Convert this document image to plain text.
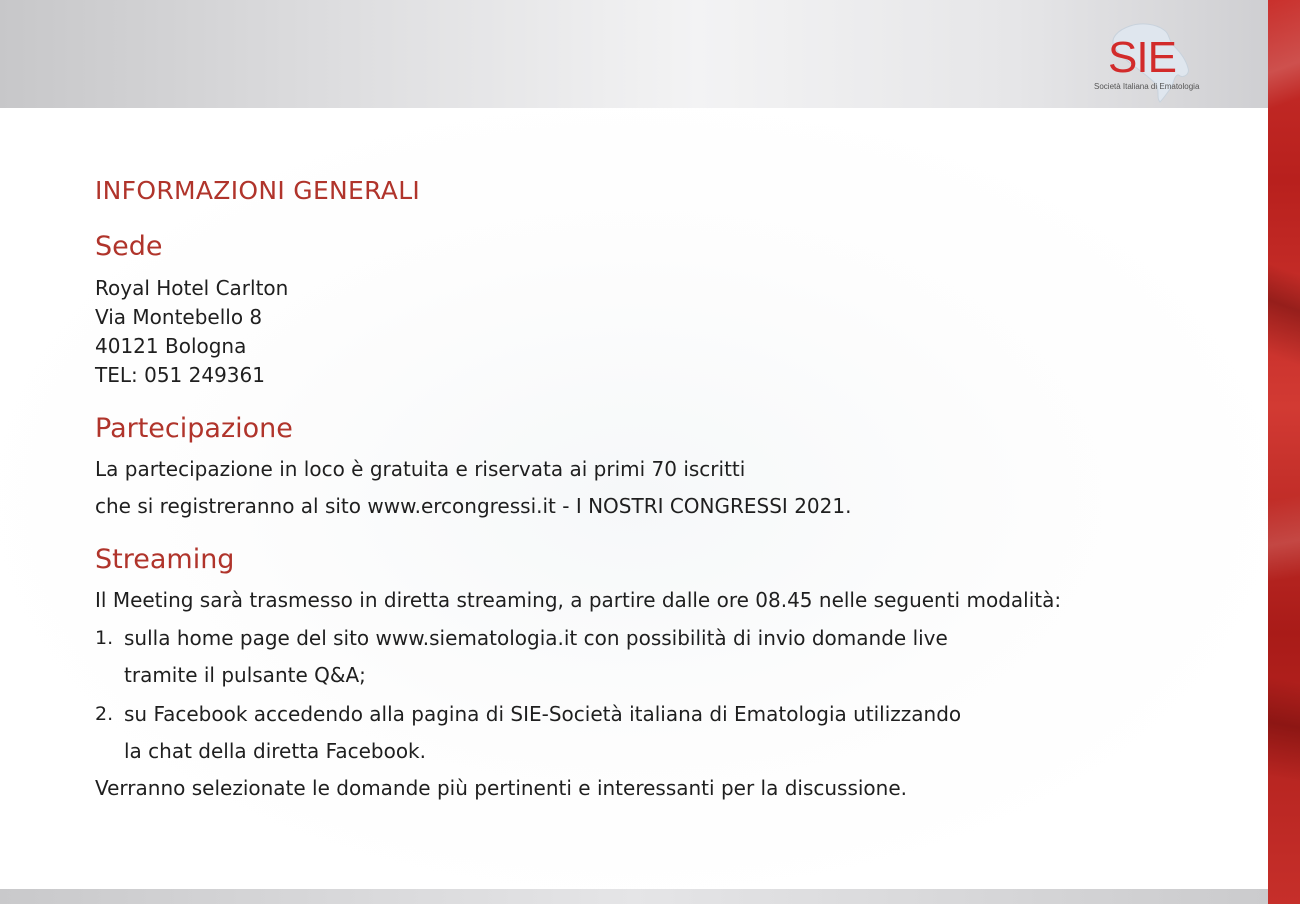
SIE
Società Italiana di Ematologia
INFORMAZIONI GENERALI
Sede
Royal Hotel Carlton
Via Montebello 8
40121 Bologna
TEL: 051 249361
Partecipazione
La partecipazione in loco è gratuita e riservata ai primi 70 iscritti
che si registreranno al sito www.ercongressi.it - I NOSTRI CONGRESSI 2021.
Streaming
Il Meeting sarà trasmesso in diretta streaming, a partire dalle ore 08.45 nelle seguenti modalità:
1. sulla home page del sito www.siematologia.it con possibilità di invio domande live
tramite il pulsante Q&A;
2. su Facebook accedendo alla pagina di SIE-Società italiana di Ematologia utilizzando
la chat della diretta Facebook.
Verranno selezionate le domande più pertinenti e interessanti per la discussione.
